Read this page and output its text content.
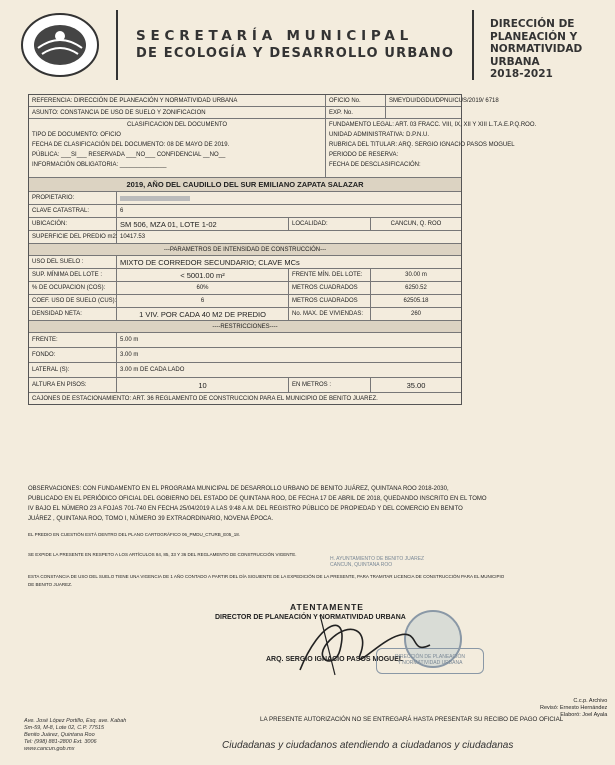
SECRETARÍA MUNICIPAL
DE ECOLOGÍA Y DESARROLLO URBANO
DIRECCIÓN DE
PLANEACIÓN Y
NORMATIVIDAD
URBANA
2018-2021
REFERENCIA: DIRECCIÓN DE PLANEACIÓN Y NORMATIVIDAD URBANA	OFICIO No.	SMEYDU/DGDU/DPNU/CUS/2019/ 6718
ASUNTO: CONSTANCIA DE USO DE SUELO Y ZONIFICACION	EXP. No.
CLASIFICACION DEL DOCUMENTO
TIPO DE DOCUMENTO: OFICIO
FECHA DE CLASIFICACIÓN DEL DOCUMENTO: 08 DE MAYO DE 2019.
PÚBLICA: ___SI___ RESERVADA ___NO___ CONFIDENCIAL __NO__
INFORMACIÓN OBLIGATORIA: ______________
FUNDAMENTO LEGAL: ART. 03 FRACC. VIII, IX, XII Y XIII L.T.A.E.P.Q.ROO.
UNIDAD ADMINISTRATIVA: D.P.N.U.
RUBRICA DEL TITULAR: ARQ. SERGIO IGNACIO PASOS MOGUEL
PERIODO DE RESERVA:
FECHA DE DESCLASIFICACIÓN:
2019, AÑO DEL CAUDILLO DEL SUR EMILIANO ZAPATA SALAZAR
PROPIETARIO:
CLAVE CATASTRAL:	6
UBICACIÓN:	SM 506, MZA 01, LOTE 1-02	LOCALIDAD:	CANCUN, Q. ROO
SUPERFICIE DEL PREDIO m2: 10417.53
---PARAMETROS DE INTENSIDAD DE CONSTRUCCIÓN---
USO DEL SUELO :	MIXTO DE CORREDOR SECUNDARIO; CLAVE MCs
SUP. MÍNIMA DEL LOTE :	< 5001.00 m²	FRENTE MÍN. DEL LOTE:	30.00 m
% DE OCUPACION (COS):	60%	METROS CUADRADOS	6250.52
COEF. USO DE SUELO (CUS):	6	METROS CUADRADOS	62505.18
DENSIDAD NETA:	1 VIV. POR CADA 40 M2 DE PREDIO	No. MAX. DE VIVIENDAS:	260
----RESTRICCIONES----
FRENTE:	5.00 m
FONDO:	3.00 m
LATERAL (S):	3.00 m DE CADA LADO
ALTURA EN PISOS:	10	EN METROS :	35.00
CAJONES DE ESTACIONAMIENTO: ART. 36 REGLAMENTO DE CONSTRUCCION PARA EL MUNICIPIO DE BENITO JUAREZ.
OBSERVACIONES: CON FUNDAMENTO EN EL PROGRAMA MUNICIPAL DE DESARROLLO URBANO DE BENITO JUÁREZ, QUINTANA ROO 2018-2030,
PUBLICADO EN EL PERIÓDICO OFICIAL DEL GOBIERNO DEL ESTADO DE QUINTANA ROO, DE FECHA 17 DE ABRIL DE 2018, QUEDANDO INSCRITO EN EL TOMO
IV BAJO EL NÚMERO 23 A FOJAS 701-740 EN FECHA 25/04/2019 A LAS 9:48 A.M. DEL REGISTRO PÚBLICO DE PROPIEDAD Y DEL COMERCIO EN BENITO
JUÁREZ , QUINTANA ROO, TOMO I, NÚMERO 39 EXTRAORDINARIO, NOVENA ÉPOCA.
EL PREDIO EN CUESTIÓN ESTÁ DENTRO DEL PLANO CARTOGRÁFICO 06_PMDU_CTURB_E05_18.
SE EXPIDE LA PRESENTE EN RESPETO A LOS ARTÍCULOS 84, 85, 33 Y 36 DEL REGLAMENTO DE CONSTRUCCIÓN VIGENTE.
ESTA CONSTANCIA DE USO DEL SUELO TIENE UNA VIGENCIA DE 1 AÑO CONTADO A PARTIR DEL DÍA SIGUIENTE DE LA EXPEDICIÓN DE LA PRESENTE, PARA TRAMITAR LICENCIA DE CONSTRUCCIÓN PARA EL MUNICIPIO
DE BENITO JUAREZ.
H. AYUNTAMIENTO DE BENITO JUAREZ
CANCUN, QUINTANA ROO
ATENTAMENTE
DIRECTOR DE PLANEACIÓN Y NORMATIVIDAD URBANA
ARQ. SERGIO IGNACIO PASOS MOGUEL
DIRECCIÓN DE PLANEACIÓN
Y NORMATIVIDAD URBANA
Ave. José López Portillo, Esq. ave. Kabah
Sm-59, M-8, Lote 02, C.P. 77515
Benito Juárez, Quintana Roo
Tel: (998) 881-2800 Ext. 3006
www.cancun.gob.mx
LA PRESENTE AUTORIZACIÓN NO SE ENTREGARÁ HASTA PRESENTAR SU RECIBO DE PAGO OFICIAL
C.c.p. Archivo
Revisó: Ernesto Hernández
Elaboró: Joel Ayala
Ciudadanas y ciudadanos atendiendo a ciudadanos y ciudadanas
